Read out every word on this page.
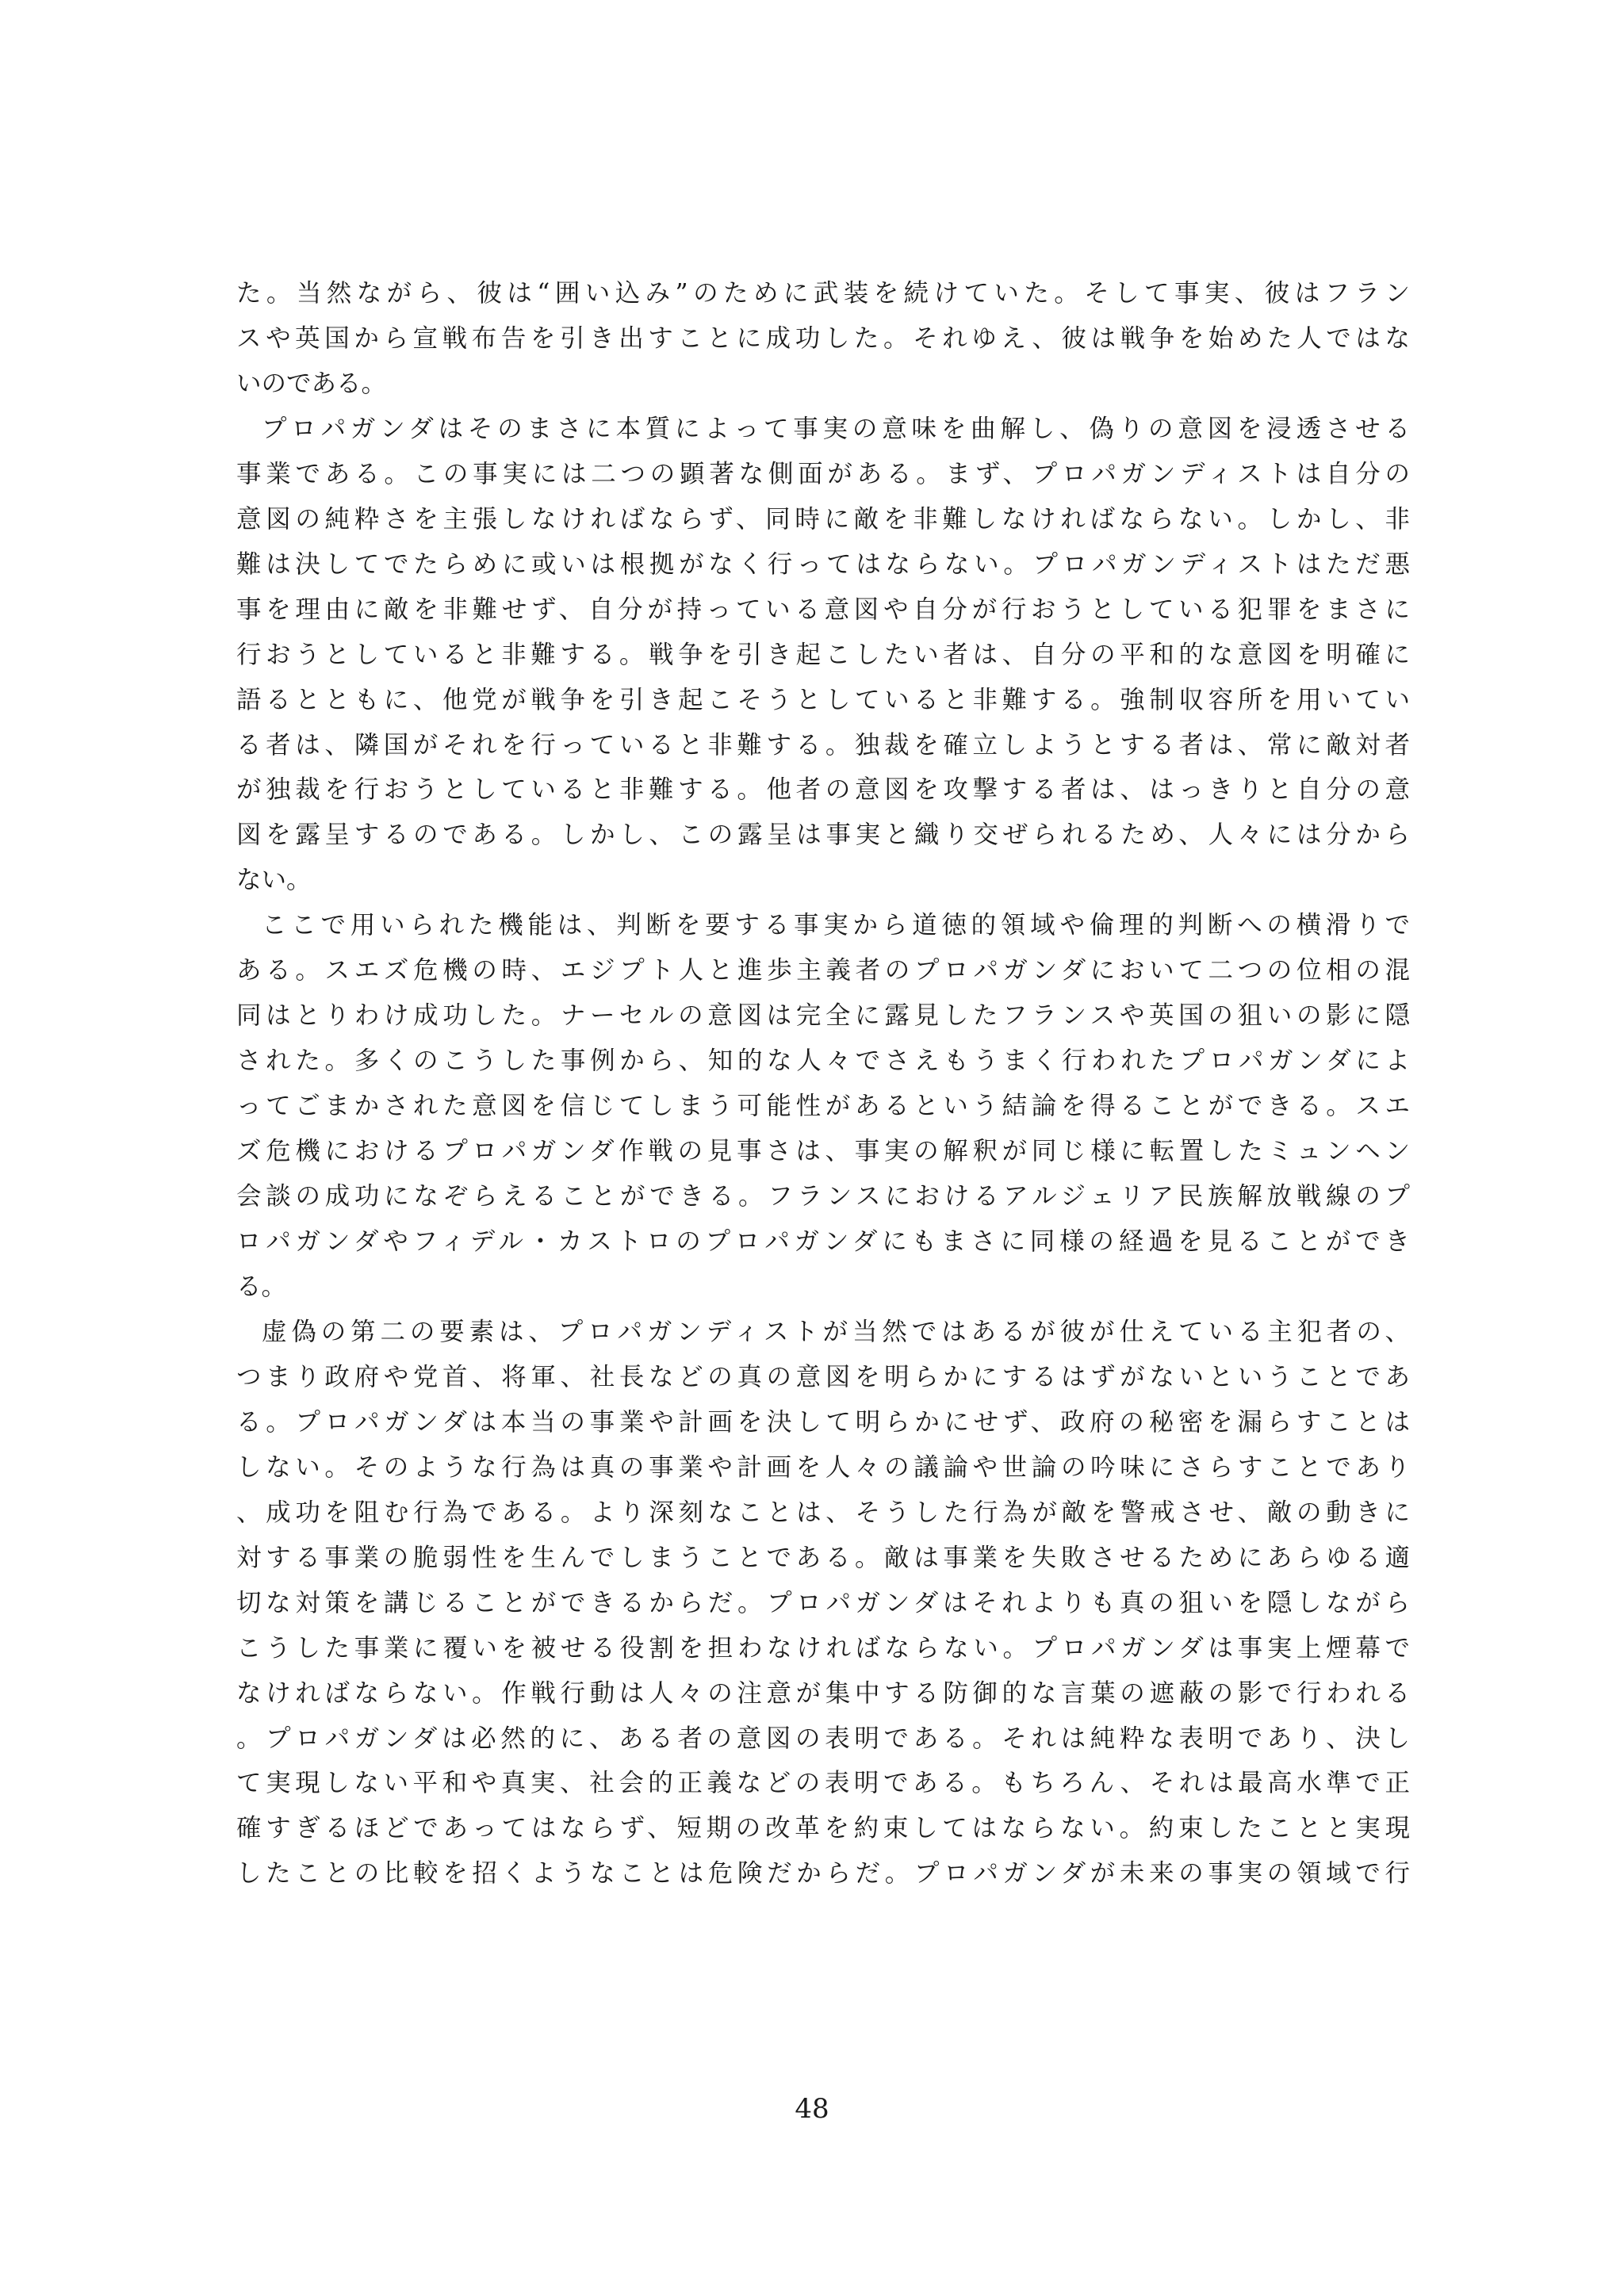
た。当然ながら、彼は“囲い込み”のために武装を続けていた。そして事実、彼はフラン
スや英国から宣戦布告を引き出すことに成功した。それゆえ、彼は戦争を始めた人ではな
いのである。
プロパガンダはそのまさに本質によって事実の意味を曲解し、偽りの意図を浸透させる
事業である。この事実には二つの顕著な側面がある。まず、プロパガンディストは自分の
意図の純粋さを主張しなければならず、同時に敵を非難しなければならない。しかし、非
難は決してでたらめに或いは根拠がなく行ってはならない。プロパガンディストはただ悪
事を理由に敵を非難せず、自分が持っている意図や自分が行おうとしている犯罪をまさに
行おうとしていると非難する。戦争を引き起こしたい者は、自分の平和的な意図を明確に
語るとともに、他党が戦争を引き起こそうとしていると非難する。強制収容所を用いてい
る者は、隣国がそれを行っていると非難する。独裁を確立しようとする者は、常に敵対者
が独裁を行おうとしていると非難する。他者の意図を攻撃する者は、はっきりと自分の意
図を露呈するのである。しかし、この露呈は事実と織り交ぜられるため、人々には分から
ない。
ここで用いられた機能は、判断を要する事実から道徳的領域や倫理的判断への横滑りで
ある。スエズ危機の時、エジプト人と進歩主義者のプロパガンダにおいて二つの位相の混
同はとりわけ成功した。ナーセルの意図は完全に露見したフランスや英国の狙いの影に隠
された。多くのこうした事例から、知的な人々でさえもうまく行われたプロパガンダによ
ってごまかされた意図を信じてしまう可能性があるという結論を得ることができる。スエ
ズ危機におけるプロパガンダ作戦の見事さは、事実の解釈が同じ様に転置したミュンヘン
会談の成功になぞらえることができる。フランスにおけるアルジェリア民族解放戦線のプ
ロパガンダやフィデル・カストロのプロパガンダにもまさに同様の経過を見ることができ
る。
虚偽の第二の要素は、プロパガンディストが当然ではあるが彼が仕えている主犯者の、
つまり政府や党首、将軍、社長などの真の意図を明らかにするはずがないということであ
る。プロパガンダは本当の事業や計画を決して明らかにせず、政府の秘密を漏らすことは
しない。そのような行為は真の事業や計画を人々の議論や世論の吟味にさらすことであり
、成功を阻む行為である。より深刻なことは、そうした行為が敵を警戒させ、敵の動きに
対する事業の脆弱性を生んでしまうことである。敵は事業を失敗させるためにあらゆる適
切な対策を講じることができるからだ。プロパガンダはそれよりも真の狙いを隠しながら
こうした事業に覆いを被せる役割を担わなければならない。プロパガンダは事実上煙幕で
なければならない。作戦行動は人々の注意が集中する防御的な言葉の遮蔽の影で行われる
。プロパガンダは必然的に、ある者の意図の表明である。それは純粋な表明であり、決し
て実現しない平和や真実、社会的正義などの表明である。もちろん、それは最高水準で正
確すぎるほどであってはならず、短期の改革を約束してはならない。約束したことと実現
したことの比較を招くようなことは危険だからだ。プロパガンダが未来の事実の領域で行
48
